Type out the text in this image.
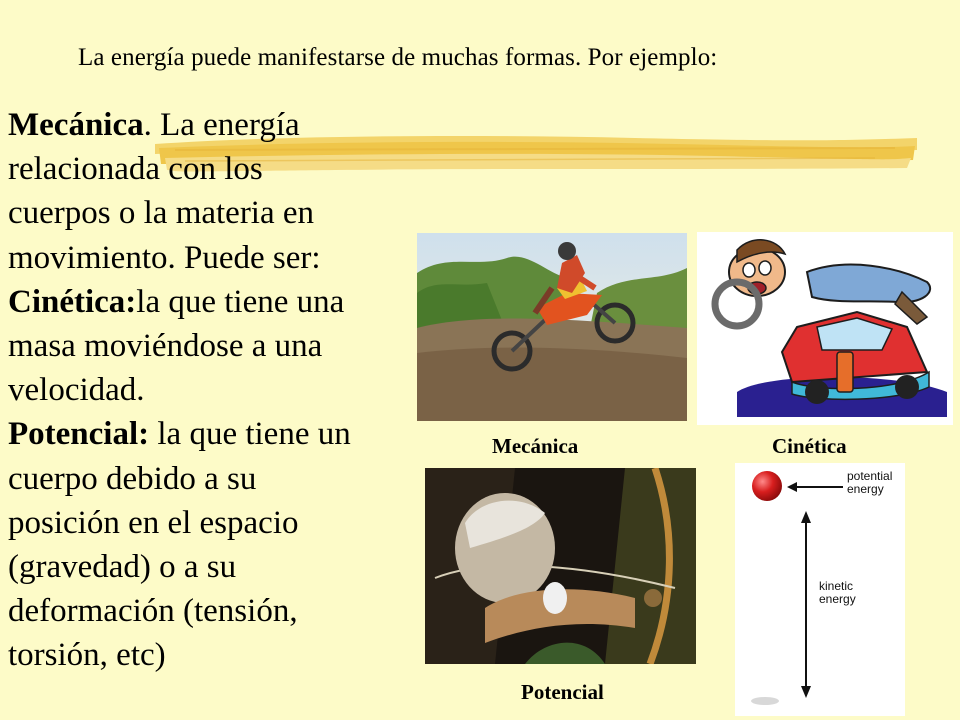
La energía puede manifestarse de muchas formas. Por ejemplo:
Mecánica. La energía
relacionada con los
cuerpos o la materia en
movimiento. Puede ser:
Cinética:la que tiene una
masa moviéndose a una
velocidad.
Potencial: la que tiene un
cuerpo debido a su
posición en el espacio
(gravedad) o a su
deformación (tensión,
torsión, etc)
Mecánica	Cinética
Potencial
potential
energy
kinetic
energy
